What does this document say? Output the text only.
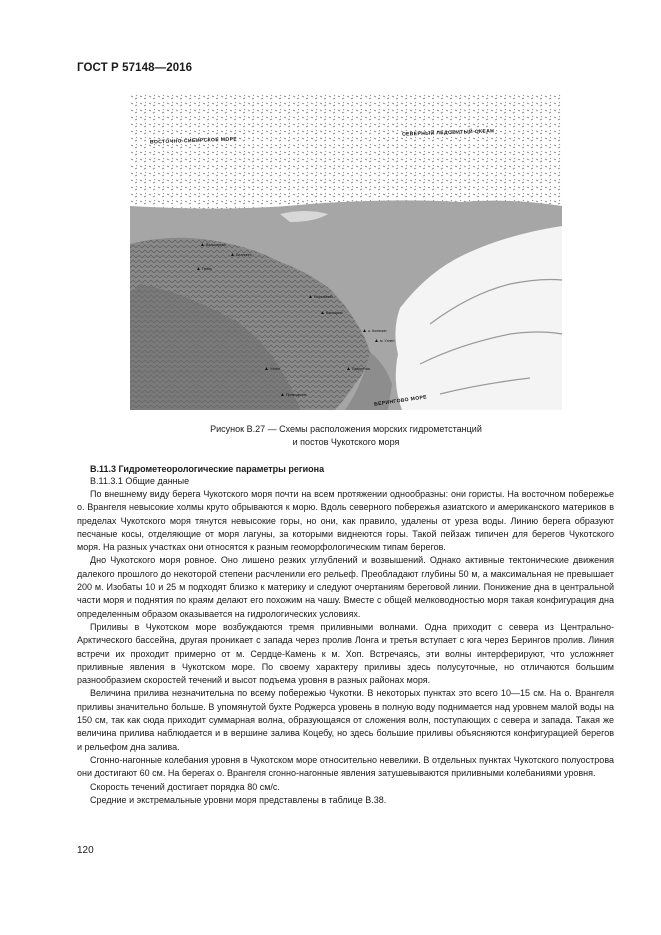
ГОСТ Р 57148—2016
ВОСТОЧНО-СИБИРСКОЕ МОРЕ
СЕВЕРНЫЙ ЛЕДОВИТЫЙ ОКЕАН
БЕРИНГОВО МОРЕ
▲ Валькаркай
▲ Биллингс
▲ Певек
▲ Рыркайпий
▲ Ванкарем
▲ о. Колючин
▲ м. Уэлен
▲ Уэлен
▲	Лаврентия
▲ Провидения
Рисунок В.27 — Схемы расположения морских гидрометстанций
и постов Чукотского моря
В.11.3 Гидрометеорологические параметры региона
В.11.3.1 Общие данные

По внешнему виду берега Чукотского моря почти на всем протяжении однообразны: они гористы. На восточном побережье о. Врангеля невысокие холмы круто обрываются к морю. Вдоль северного побережья азиатского и американского материков в пределах Чукотского моря тянутся невысокие горы, но они, как правило, удалены от уреза воды. Линию берега образуют песчаные косы, отделяющие от моря лагуны, за которыми виднеются горы. Такой пейзаж типичен для берегов Чукотского моря. На разных участках они относятся к разным геоморфологическим типам берегов.

Дно Чукотского моря ровное. Оно лишено резких углублений и возвышений. Однако активные тектонические движения далекого прошлого до некоторой степени расчленили его рельеф. Преобладают глубины 50 м, а максимальная не превышает 200 м. Изобаты 10 и 25 м подходят близко к материку и следуют очертаниям береговой линии. Понижение дна в центральной части моря и поднятия по краям делают его похожим на чашу. Вместе с общей мелководностью моря такая конфигурация дна определенным образом оказывается на гидрологических условиях.

Приливы в Чукотском море возбуждаются тремя приливными волнами. Одна приходит с севера из Центрально-Арктического бассейна, другая проникает с запада через пролив Лонга и третья вступает с юга через Берингов пролив. Линия встречи их проходит примерно от м. Сердце-Камень к м. Хоп. Встречаясь, эти волны интерферируют, что усложняет приливные явления в Чукотском море. По своему характеру приливы здесь полусуточные, но отличаются большим разнообразием скоростей течений и высот подъема уровня в разных районах моря.

Величина прилива незначительна по всему побережью Чукотки. В некоторых пунктах это всего 10—15 см. На о. Врангеля приливы значительно больше. В упомянутой бухте Роджерса уровень в полную воду поднимается над уровнем малой воды на 150 см, так как сюда приходит суммарная волна, образующаяся от сложения волн, поступающих с севера и запада. Такая же величина прилива наблюдается и в вершине залива Коцебу, но здесь большие приливы объясняются конфигурацией берегов и рельефом дна залива.

Сгонно-нагонные колебания уровня в Чукотском море относительно невелики. В отдельных пунктах Чукотского полуострова они достигают 60 см. На берегах о. Врангеля сгонно-нагонные явления затушевываются приливными колебаниями уровня.

Скорость течений достигает порядка 80 см/с.

Средние и экстремальные уровни моря представлены в таблице В.38.

120
